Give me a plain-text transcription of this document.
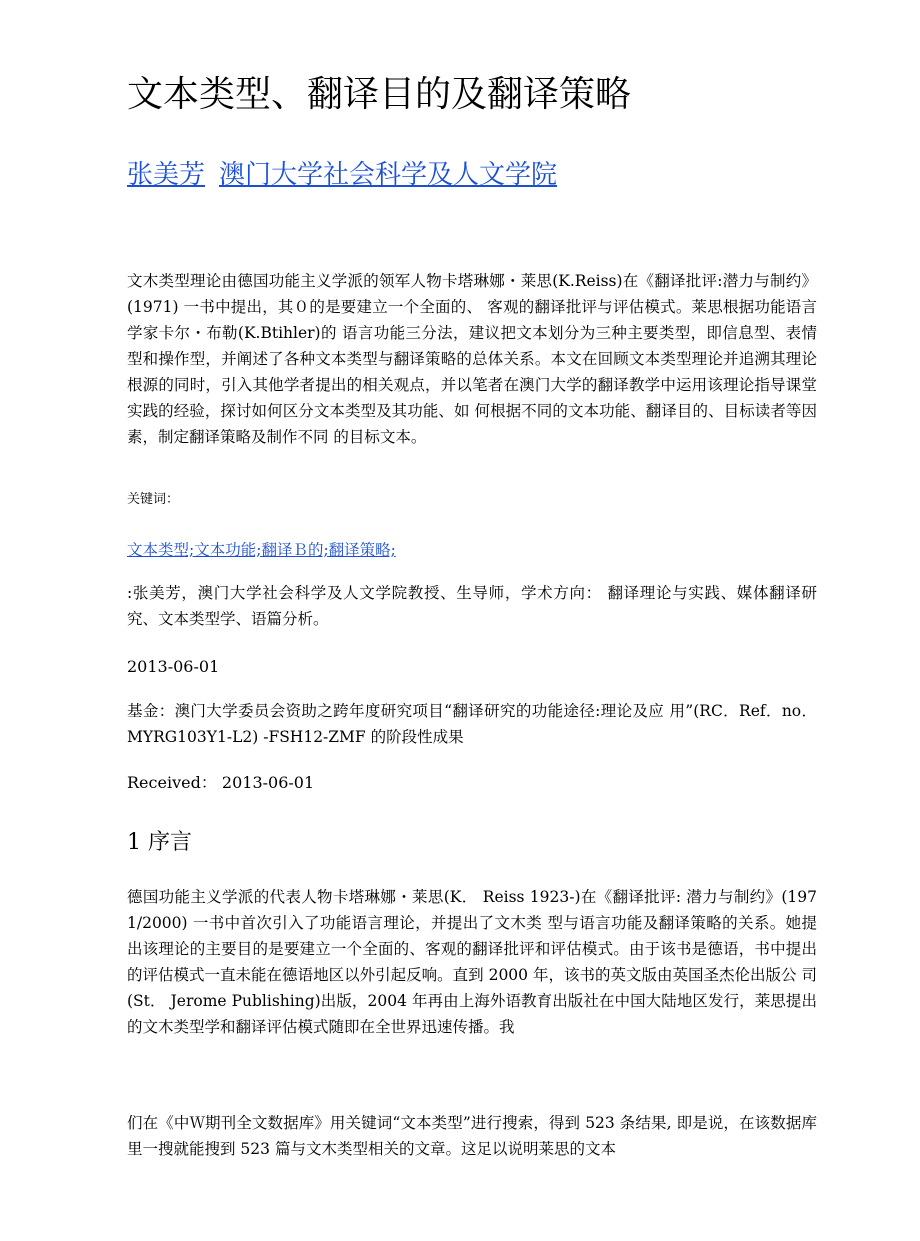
文本类型、翻译目的及翻译策略
张美芳 澳门大学社会科学及人文学院

文木类型理论由德国功能主义学派的领军人物卡塔琳娜・莱思(K.Reiss)在《翻译批评:潜力与制约》(1971) 一书中提出，其０的是要建立一个全面的、 客观的翻译批评与评估模式。莱思根据功能语言学家卡尔・布勒(K.Btihler)的 语言功能三分法，建议把文本划分为三种主要类型，即信息型、表情型和操作型，并阐述了各种文本类型与翻译策略的总体关系。本文在回顾文本类型理论并追溯其理论根源的同时，引入其他学者提出的相关观点，并以笔者在澳门大学的翻译教学中运用该理论指导课堂实践的经验，探讨如何区分文本类型及其功能、如 何根据不同的文本功能、翻译目的、目标读者等因素，制定翻译策略及制作不同 的目标文本。

关键词：
文本类型;文本功能;翻译Ｂ的;翻译策略;

:张美芳，澳门大学社会科学及人文学院教授、生导师，学术方向： 翻译理论与实践、媒体翻译研究、文本类型学、语篇分析。

2013-06-01

基金：澳门大学委员会资助之跨年度研究项目“翻译研究的功能途径:理论及应 用”(RC．Ref．no．MYRG103Y1-L2) -FSH12-ZMF 的阶段性成果

Received： 2013-06-01
1 序言

德国功能主义学派的代表人物卡塔琳娜・莱思(K． Reiss 1923-)在《翻译批评: 潜力与制约》(1971/2000) 一书中首次引入了功能语言理论，并提出了文木类 型与语言功能及翻译策略的关系。她提出该理论的主要目的是要建立一个全面的、客观的翻译批评和评估模式。由于该书是德语，书中提出的评估模式一直未能在德语地区以外引起反响。直到 2000 年，该书的英文版由英国圣杰伦出版公 司(St． Jerome Publishing)出版，2004 年再由上海外语教育出版社在中国大陆地区发行，莱思提出的文木类型学和翻译评估模式随即在全世界迅速传播。我

们在《中Ｗ期刊全文数据库》用关键词“文本类型”进行搜索，得到 523 条结果, 即是说，在该数据库里一搜就能搜到 523 篇与文木类型相关的文章。这足以说明莱思的文本
